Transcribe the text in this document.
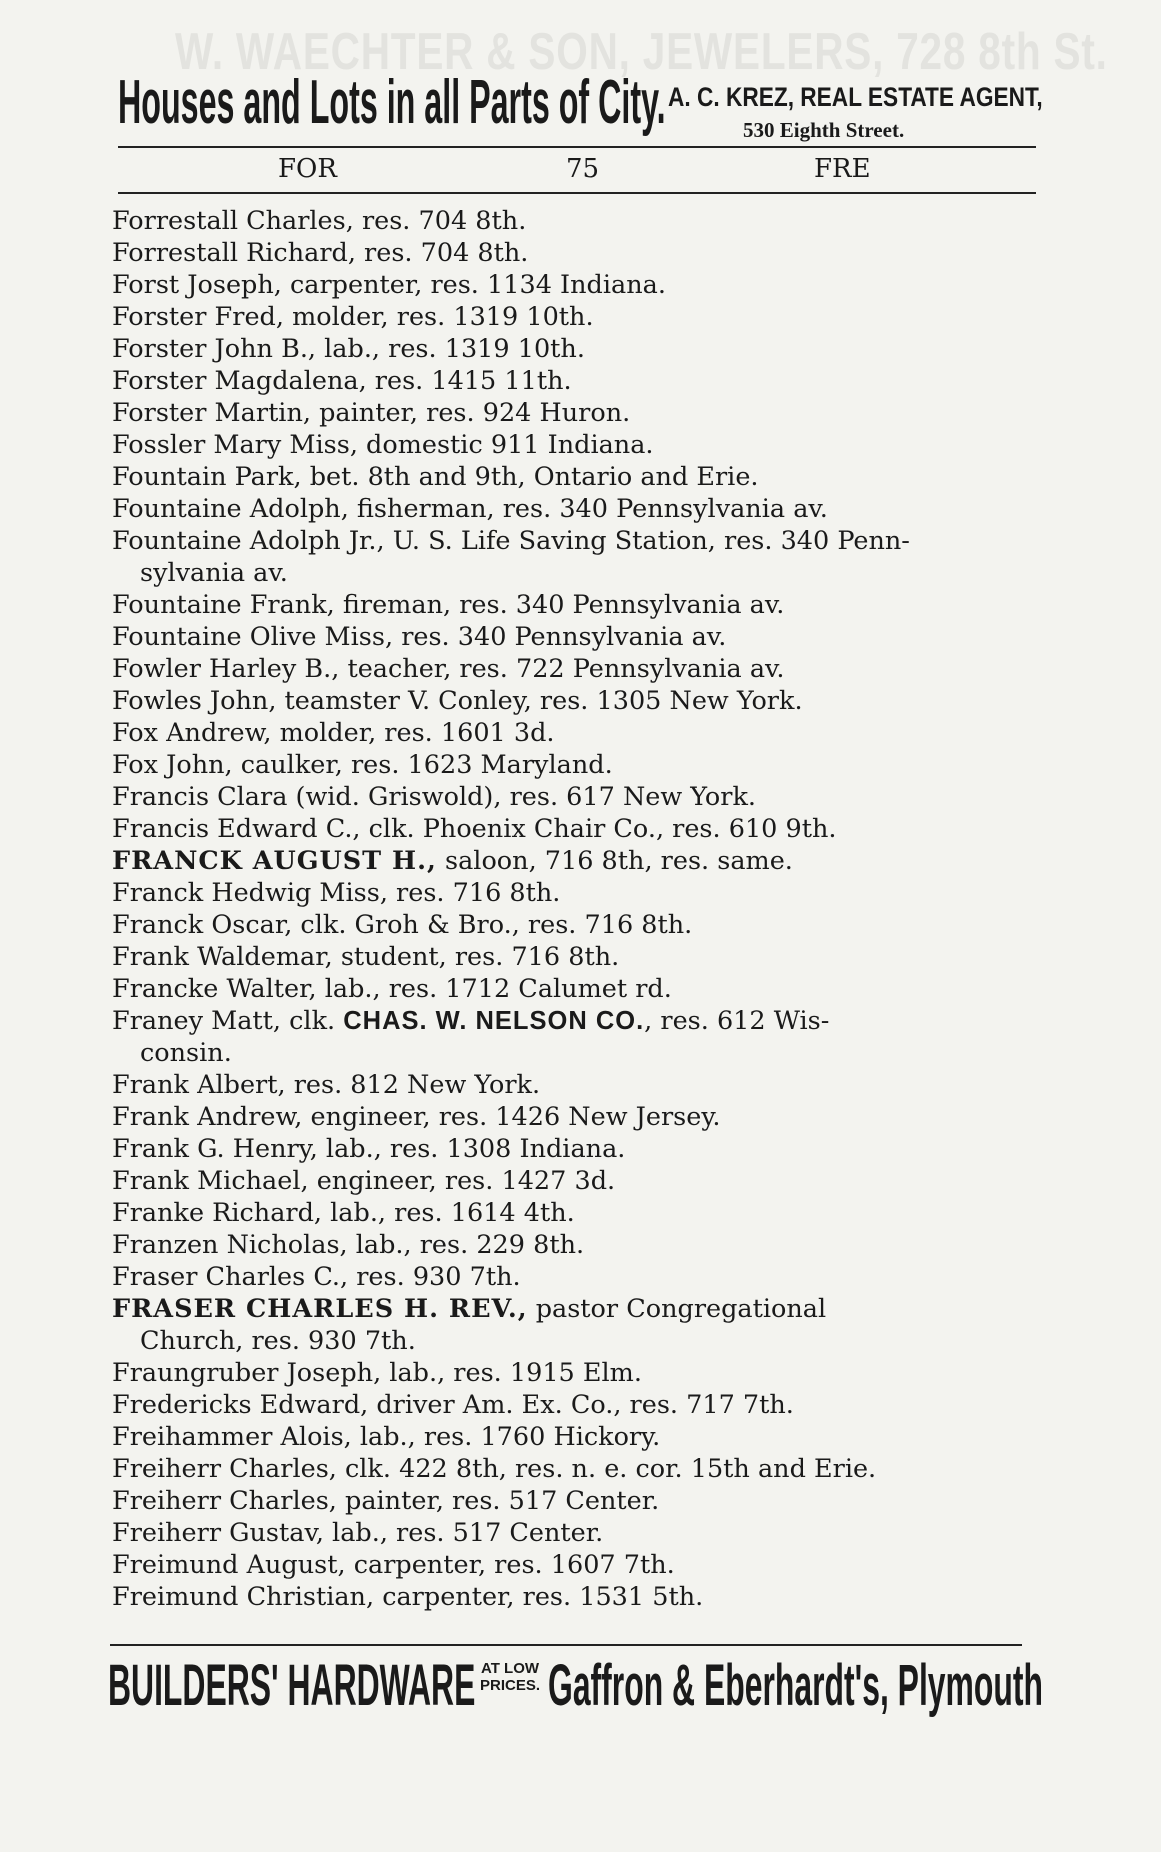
W. WAECHTER & SON, JEWELERS, 728 8th St.
Houses and Lots in all Parts of City. A. C. KREZ, REAL ESTATE AGENT,
530 Eighth Street.
FOR	75	FRE
Forrestall Charles, res. 704 8th.
Forrestall Richard, res. 704 8th.
Forst Joseph, carpenter, res. 1134 Indiana.
Forster Fred, molder, res. 1319 10th.
Forster John B., lab., res. 1319 10th.
Forster Magdalena, res. 1415 11th.
Forster Martin, painter, res. 924 Huron.
Fossler Mary Miss, domestic 911 Indiana.
Fountain Park, bet. 8th and 9th, Ontario and Erie.
Fountaine Adolph, fisherman, res. 340 Pennsylvania av.
Fountaine Adolph Jr., U. S. Life Saving Station, res. 340 Penn-
sylvania av.
Fountaine Frank, fireman, res. 340 Pennsylvania av.
Fountaine Olive Miss, res. 340 Pennsylvania av.
Fowler Harley B., teacher, res. 722 Pennsylvania av.
Fowles John, teamster V. Conley, res. 1305 New York.
Fox Andrew, molder, res. 1601 3d.
Fox John, caulker, res. 1623 Maryland.
Francis Clara (wid. Griswold), res. 617 New York.
Francis Edward C., clk. Phoenix Chair Co., res. 610 9th.
FRANCK AUGUST H., saloon, 716 8th, res. same.
Franck Hedwig Miss, res. 716 8th.
Franck Oscar, clk. Groh & Bro., res. 716 8th.
Frank Waldemar, student, res. 716 8th.
Francke Walter, lab., res. 1712 Calumet rd.
Franey Matt, clk. CHAS. W. NELSON CO., res. 612 Wis-
consin.
Frank Albert, res. 812 New York.
Frank Andrew, engineer, res. 1426 New Jersey.
Frank G. Henry, lab., res. 1308 Indiana.
Frank Michael, engineer, res. 1427 3d.
Franke Richard, lab., res. 1614 4th.
Franzen Nicholas, lab., res. 229 8th.
Fraser Charles C., res. 930 7th.
FRASER CHARLES H. REV., pastor Congregational
Church, res. 930 7th.
Fraungruber Joseph, lab., res. 1915 Elm.
Fredericks Edward, driver Am. Ex. Co., res. 717 7th.
Freihammer Alois, lab., res. 1760 Hickory.
Freiherr Charles, clk. 422 8th, res. n. e. cor. 15th and Erie.
Freiherr Charles, painter, res. 517 Center.
Freiherr Gustav, lab., res. 517 Center.
Freimund August, carpenter, res. 1607 7th.
Freimund Christian, carpenter, res. 1531 5th.
BUILDERS' HARDWARE AT LOW
PRICES. Gaffron & Eberhardt's, Plymouth
